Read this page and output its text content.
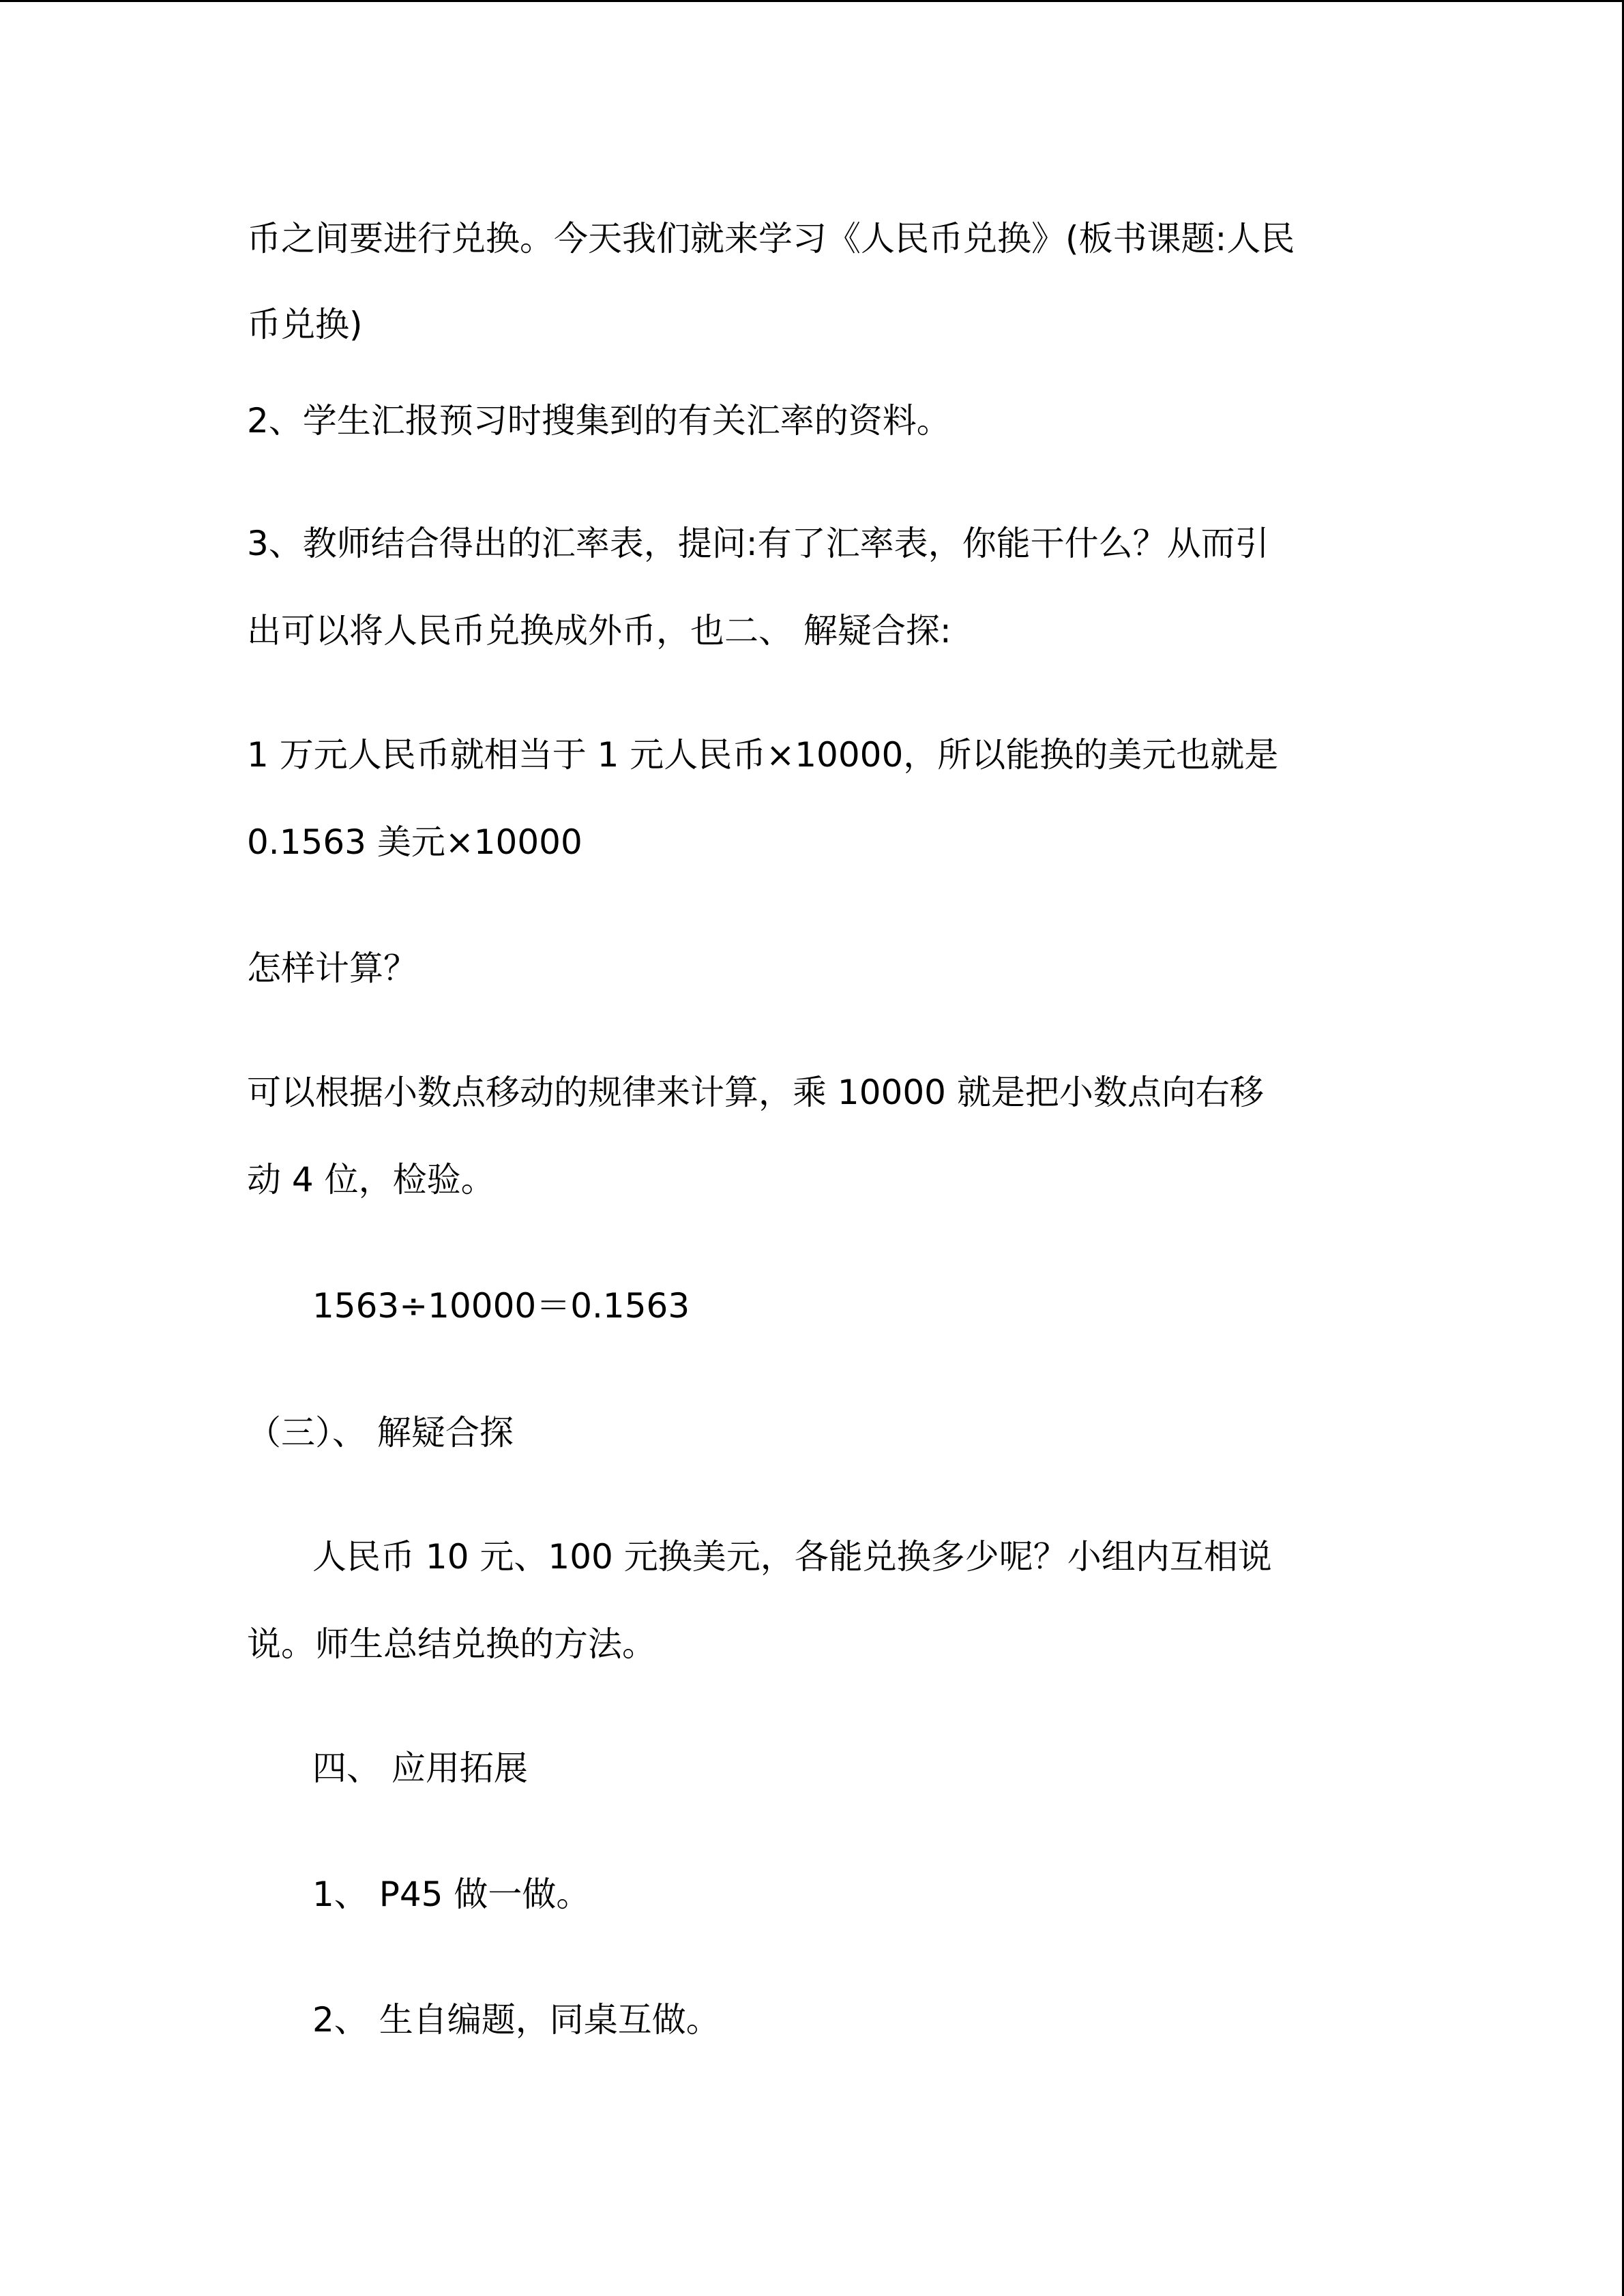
币之间要进行兑换。今天我们就来学习《人民币兑换》(板书课题:人民

币兑换)

2、学生汇报预习时搜集到的有关汇率的资料。

3、教师结合得出的汇率表，提问:有了汇率表，你能干什么？从而引

出可以将人民币兑换成外币，也二、 解疑合探:

1 万元人民币就相当于 1 元人民币×10000，所以能换的美元也就是

0.1563 美元×10000

怎样计算？

可以根据小数点移动的规律来计算，乘 10000 就是把小数点向右移

动 4 位，检验。

1563÷10000＝0.1563

（三）、 解疑合探

人民币 10 元、100 元换美元，各能兑换多少呢？小组内互相说

说。师生总结兑换的方法。

四、 应用拓展

1、 P45 做一做。

2、 生自编题，同桌互做。
